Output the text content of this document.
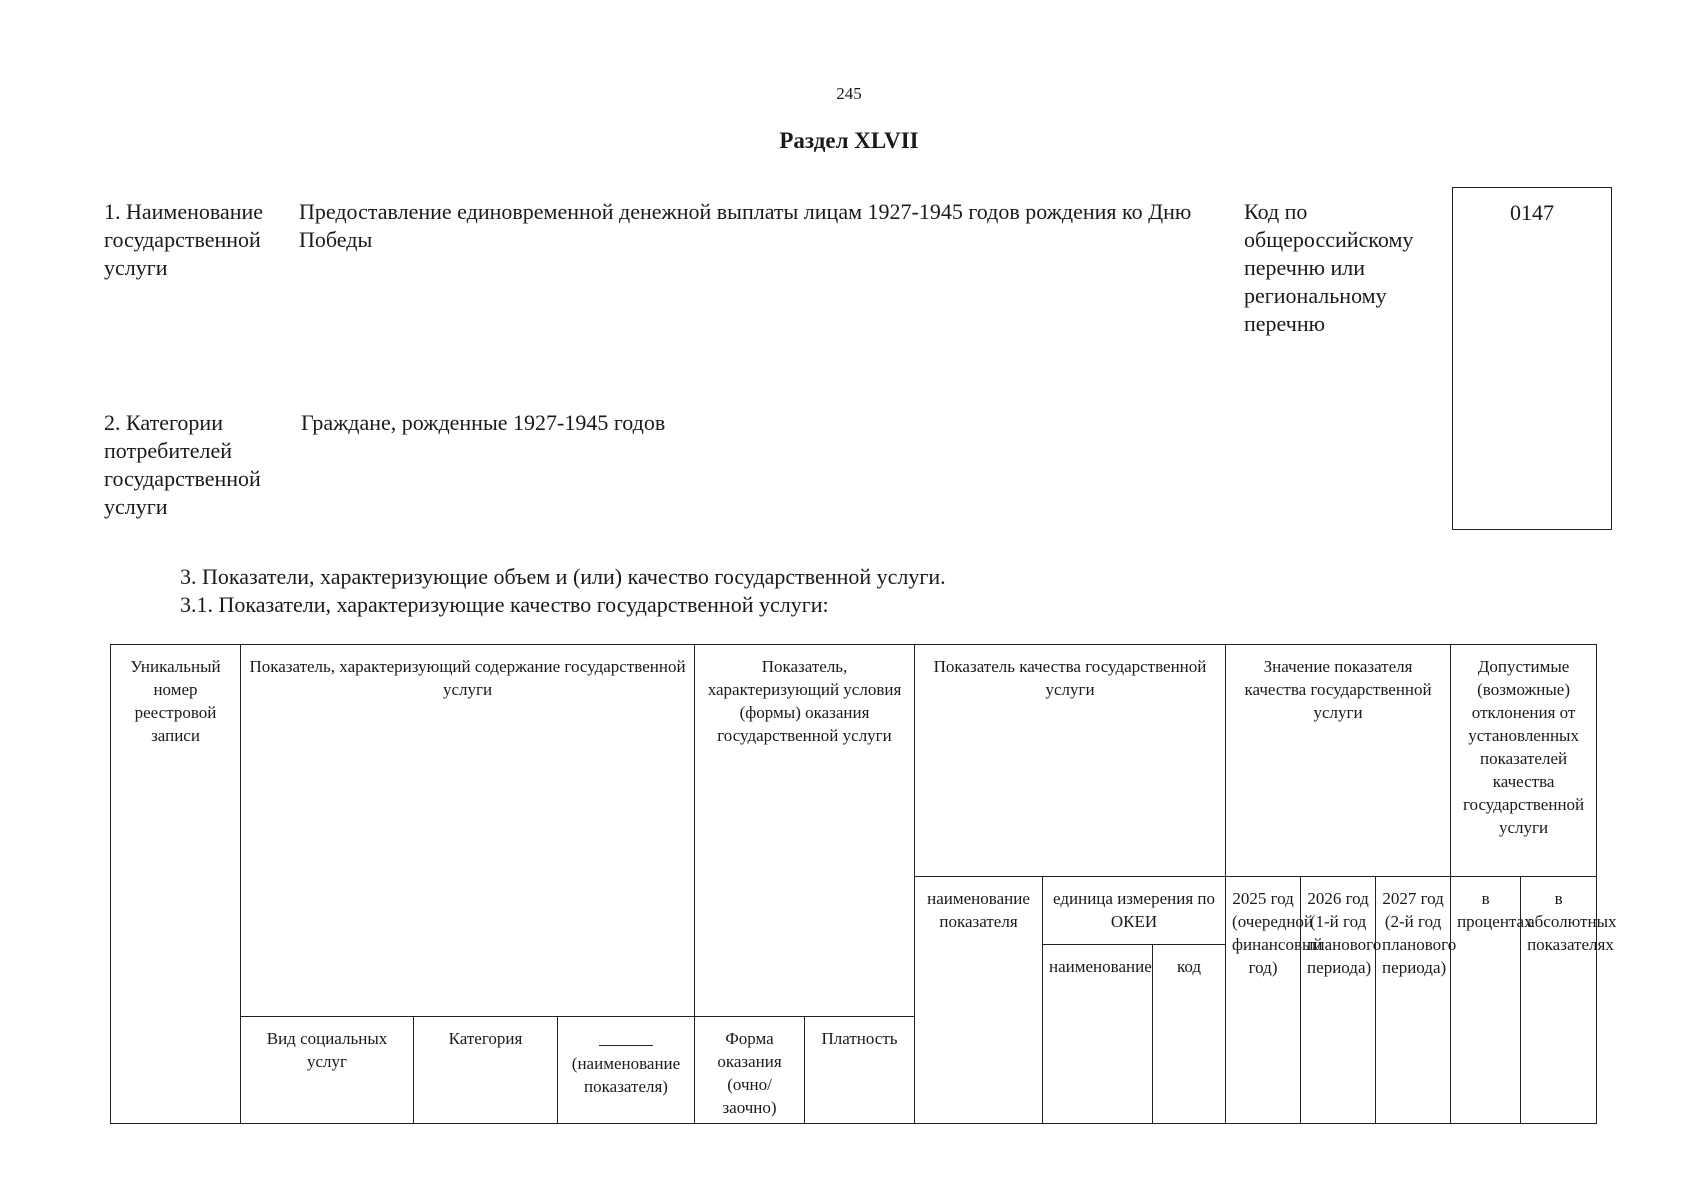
245
Раздел XLVII
1. Наименование государственной услуги
Предоставление единовременной денежной выплаты лицам 1927-1945 годов рождения ко Дню Победы
Код по общероссийскому перечню или региональному перечню
0147
2. Категории потребителей государственной услуги
Граждане, рожденные 1927-1945 годов
3. Показатели, характеризующие объем и (или) качество государственной услуги.
3.1. Показатели, характеризующие качество государственной услуги:
Уникальный номер реестровой записи	Показатель, характеризующий содержание государственной услуги			Показатель, характеризующий условия (формы) оказания государственной услуги		Показатель качества государственной услуги			Значение показателя качества государственной услуги			Допустимые (возможные) отклонения от установленных показателей качества государственной услуги	
						наименование показателя	единица измерения по ОКЕИ		2025 год (очередной финансовый год)	2026 год (1-й год планового периода)	2027 год (2-й год планового периода)	в процентах	в абсолютных показателях
							наименование	код					
	Вид социальных услуг	Категория	(наименование показателя)	Форма оказания (очно/заочно)	Платность								
